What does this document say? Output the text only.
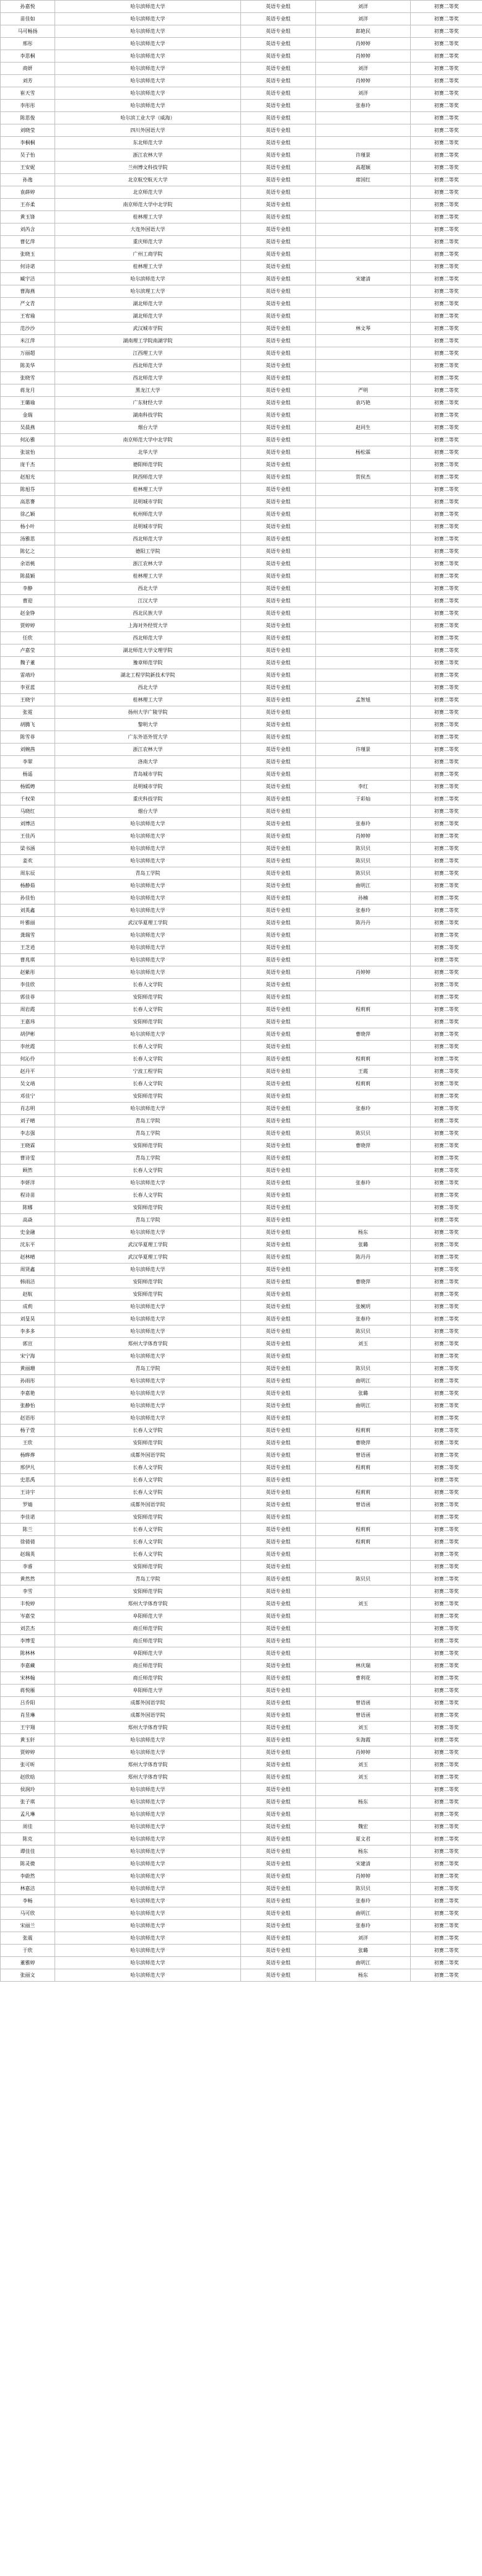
孙嘉悦	哈尔滨师范大学	英语专业组	刘洋	初赛二等奖
苗佳如	哈尔滨师范大学	英语专业组	刘洋	初赛二等奖
马可畅扬	哈尔滨师范大学	英语专业组	郎艳民	初赛二等奖
邢彤	哈尔滨师范大学	英语专业组	肖婷婷	初赛二等奖
李思桐	哈尔滨师范大学	英语专业组	肖婷婷	初赛二等奖
商妍	哈尔滨师范大学	英语专业组	刘洋	初赛二等奖
刘芳	哈尔滨师范大学	英语专业组	肖婷婷	初赛二等奖
崔天雪	哈尔滨师范大学	英语专业组	刘洋	初赛二等奖
李彤彤	哈尔滨师范大学	英语专业组	张春玲	初赛二等奖
陈思俊	哈尔滨工业大学（威海）	英语专业组		初赛二等奖
刘晓莹	四川外国语大学	英语专业组		初赛二等奖
李桐桐	东北师范大学	英语专业组		初赛二等奖
吴子怡	浙江农林大学	英语专业组	许瑾景	初赛二等奖
王安妮	兰州博文科技学院	英语专业组	高超颖	初赛二等奖
孙逸	北京航空航天大学	英语专业组	席国红	初赛二等奖
袁薛婷	北京师范大学	英语专业组		初赛二等奖
王亦柔	南京师范大学中北学院	英语专业组		初赛二等奖
黄玉锋	桂林理工大学	英语专业组		初赛二等奖
刘芮含	大连外国语大学	英语专业组		初赛二等奖
曹亿萍	重庆师范大学	英语专业组		初赛二等奖
张晓玉	广州工商学院	英语专业组		初赛二等奖
何诗诺	桂林理工大学	英语专业组		初赛二等奖
臧宇洁	哈尔滨师范大学	英语专业组	宋建清	初赛二等奖
曹海燕	哈尔滨理工大学	英语专业组		初赛二等奖
严文青	湖北师范大学	英语专业组		初赛二等奖
王宥瑜	湖北师范大学	英语专业组		初赛二等奖
范沙沙	武汉城市学院	英语专业组	林文琴	初赛二等奖
米江萍	湖南理工学院南湖学院	英语专业组		初赛二等奖
万丽超	江西理工大学	英语专业组		初赛二等奖
陈美华	西北师范大学	英语专业组		初赛二等奖
张晓雪	西北师范大学	英语专业组		初赛二等奖
蒋龙月	黑龙江大学	英语专业组	严明	初赛二等奖
王璐瑜	广东财经大学	英语专业组	袁巧艳	初赛二等奖
金瑞	湖南科技学院	英语专业组		初赛二等奖
吴晨燕	烟台大学	英语专业组	赵同生	初赛二等奖
何沁雅	南京师范大学中北学院	英语专业组		初赛二等奖
张谊怡	北华大学	英语专业组	杨松霖	初赛二等奖
庞千杰	德阳师范学院	英语专业组		初赛二等奖
赵旭光	陕西师范大学	英语专业组	贺侯杰	初赛二等奖
陈旭芬	桂林理工大学	英语专业组		初赛二等奖
高思謇	昆明城市学院	英语专业组		初赛二等奖
徐乙颖	杭州师范大学	英语专业组		初赛二等奖
杨小叶	昆明城市学院	英语专业组		初赛二等奖
汤雅思	西北师范大学	英语专业组		初赛二等奖
陈亿之	德阳工学院	英语专业组		初赛二等奖
余语桃	浙江农林大学	英语专业组		初赛二等奖
陈晨颖	桂林理工大学	英语专业组		初赛二等奖
李静	西北大学	英语专业组		初赛二等奖
曹迎	江汉大学	英语专业组		初赛二等奖
赵金铮	西北民族大学	英语专业组		初赛二等奖
贾婷婷	上海对外经贸大学	英语专业组		初赛二等奖
任欣	西北师范大学	英语专业组		初赛二等奖
卢嘉莹	湖北师范大学文理学院	英语专业组		初赛二等奖
魏子董	豫章师范学院	英语专业组		初赛二等奖
雷靖玲	湖北工程学院新技术学院	英语专业组		初赛二等奖
李亚蓝	西北大学	英语专业组		初赛二等奖
王晓宇	桂林理工大学	英语专业组	孟智旭	初赛二等奖
张霓	扬州大学广陵学院	英语专业组		初赛二等奖
胡腾飞	黎明大学	英语专业组		初赛二等奖
陈雪菲	广东外语外贸大学	英语专业组		初赛二等奖
刘婉茜	浙江农林大学	英语专业组	许瑾景	初赛二等奖
李翠	洛南大学	英语专业组		初赛二等奖
杨遥	青岛城市学院	英语专业组		初赛二等奖
杨嫣娉	昆明城市学院	英语专业组	李红	初赛二等奖
千权荣	重庆科技学院	英语专业组	于彩灿	初赛二等奖
马晓红	烟台大学	英语专业组		初赛二等奖
刘博洁	哈尔滨师范大学	英语专业组	张春玲	初赛二等奖
王佳芮	哈尔滨师范大学	英语专业组	肖婷婷	初赛二等奖
梁书涵	哈尔滨师范大学	英语专业组	陈贝贝	初赛二等奖
姜欢	哈尔滨师范大学	英语专业组	陈贝贝	初赛二等奖
周东辰	青岛工学院	英语专业组	陈贝贝	初赛二等奖
杨静茹	哈尔滨师范大学	英语专业组	曲明江	初赛二等奖
孙佳怡	哈尔滨师范大学	英语专业组	孙楠	初赛二等奖
刘英鑫	哈尔滨师范大学	英语专业组	张春玲	初赛二等奖
叶雅丽	武汉华夏理工学院	英语专业组	陈丹丹	初赛二等奖
龚瑞雪	哈尔滨师范大学	英语专业组		初赛二等奖
王芝逍	哈尔滨师范大学	英语专业组		初赛二等奖
曹兆琪	哈尔滨师范大学	英语专业组		初赛二等奖
赵紫彤	哈尔滨师范大学	英语专业组	肖婷婷	初赛二等奖
李佳欣	长春人文学院	英语专业组		初赛二等奖
郭佳菲	安阳师范学院	英语专业组		初赛二等奖
周岩霞	长春人文学院	英语专业组	程莉莉	初赛二等奖
王嘉玮	安阳师范学院	英语专业组		初赛二等奖
胡伊彬	哈尔滨师范大学	英语专业组	曹晓萍	初赛二等奖
李丝霞	长春人文学院	英语专业组		初赛二等奖
何沁伶	长春人文学院	英语专业组	程莉莉	初赛二等奖
赵丹平	宁波工程学院	英语专业组	王霞	初赛二等奖
吴文靖	长春人文学院	英语专业组	程莉莉	初赛二等奖
邓佳宁	安阳师范学院	英语专业组		初赛二等奖
肖志明	哈尔滨师范大学	英语专业组	张春玲	初赛二等奖
刘子晴	青岛工学院	英语专业组		初赛二等奖
李志强	青岛工学院	英语专业组	陈贝贝	初赛二等奖
王晓霖	安阳师范学院	英语专业组	曹晓萍	初赛二等奖
曹诗雯	青岛工学院	英语专业组		初赛二等奖
顾然	长春人文学院	英语专业组		初赛二等奖
李妍洋	哈尔滨师范大学	英语专业组	张春玲	初赛二等奖
程诗苗	长春人文学院	英语专业组		初赛二等奖
陈娜	安阳师范学院	英语专业组		初赛二等奖
高焱	青岛工学院	英语专业组		初赛二等奖
史金融	哈尔滨师范大学	英语专业组	杨东	初赛二等奖
沈东平	武汉华夏理工学院	英语专业组	张璐	初赛二等奖
赵林晴	武汉华夏理工学院	英语专业组	陈丹丹	初赛二等奖
周贤鑫	哈尔滨师范大学	英语专业组		初赛二等奖
韩雨洁	安阳师范学院	英语专业组	曹晓萍	初赛二等奖
赵航	安阳师范学院	英语专业组		初赛二等奖
成莉	哈尔滨师范大学	英语专业组	张婉玥	初赛二等奖
刘旻昊	哈尔滨师范大学	英语专业组	张春玲	初赛二等奖
李多多	哈尔滨师范大学	英语专业组	陈贝贝	初赛二等奖
郭宣	郑州大学体育学院	英语专业组	刘玉	初赛二等奖
宋宁海	哈尔滨师范大学	英语专业组		初赛二等奖
黄丽珊	青岛工学院	英语专业组	陈贝贝	初赛二等奖
孙雨彤	哈尔滨师范大学	英语专业组	曲明江	初赛二等奖
李嘉艳	哈尔滨师范大学	英语专业组	张璐	初赛二等奖
张静怡	哈尔滨师范大学	英语专业组	曲明江	初赛二等奖
赵语彤	哈尔滨师范大学	英语专业组		初赛二等奖
杨子萱	长春人文学院	英语专业组	程莉莉	初赛二等奖
王欣	安阳师范学院	英语专业组	曹晓萍	初赛二等奖
杨晔烨	成都外国语学院	英语专业组	曾语函	初赛二等奖
邢伊凡	长春人文学院	英语专业组	程莉莉	初赛二等奖
史思禹	长春人文学院	英语专业组		初赛二等奖
王诗宇	长春人文学院	英语专业组	程莉莉	初赛二等奖
罗婧	成都外国语学院	英语专业组	曾语函	初赛二等奖
李佳诺	安阳师范学院	英语专业组		初赛二等奖
陈兰	长春人文学院	英语专业组	程莉莉	初赛二等奖
徐倩倩	长春人文学院	英语专业组	程莉莉	初赛二等奖
赵瑞英	长春人文学院	英语专业组		初赛二等奖
李睿	安阳师范学院	英语专业组		初赛二等奖
黄然然	青岛工学院	英语专业组	陈贝贝	初赛二等奖
李雪	安阳师范学院	英语专业组		初赛二等奖
丰悦婷	郑州大学体育学院	英语专业组	刘玉	初赛二等奖
岑嘉莹	阜阳师范大学	英语专业组		初赛二等奖
刘芸杰	商丘师范学院	英语专业组		初赛二等奖
李博雯	商丘师范学院	英语专业组		初赛二等奖
陈林林	阜阳师范大学	英语专业组		初赛二等奖
李嘉藏	商丘师范学院	英语专业组	林庆瑞	初赛二等奖
宋林翰	商丘师范学院	英语专业组	曹利花	初赛二等奖
蒋悦雁	阜阳师范大学	英语专业组		初赛二等奖
吕乔阳	成都外国语学院	英语专业组	曾语函	初赛二等奖
肖昱琳	成都外国语学院	英语专业组	曾语函	初赛二等奖
王宇翔	郑州大学体育学院	英语专业组	刘玉	初赛二等奖
黄玉轩	哈尔滨师范大学	英语专业组	朱海霞	初赛二等奖
贾婷婷	哈尔滨师范大学	英语专业组	肖婷婷	初赛二等奖
张可昕	郑州大学体育学院	英语专业组	刘玉	初赛二等奖
赵欣晗	郑州大学体育学院	英语专业组	刘玉	初赛二等奖
侯润玲	哈尔滨师范大学	英语专业组		初赛二等奖
张子琪	哈尔滨师范大学	英语专业组	杨东	初赛二等奖
孟凡琳	哈尔滨师范大学	英语专业组		初赛二等奖
周佳	哈尔滨师范大学	英语专业组	魏宏	初赛二等奖
陈克	哈尔滨师范大学	英语专业组	夏文君	初赛二等奖
谭佳佳	哈尔滨师范大学	英语专业组	杨东	初赛二等奖
陈灵微	哈尔滨师范大学	英语专业组	宋建清	初赛二等奖
李蔚然	哈尔滨师范大学	英语专业组	肖婷婷	初赛二等奖
林嘉洁	哈尔滨师范大学	英语专业组	陈贝贝	初赛二等奖
李畅	哈尔滨师范大学	英语专业组	张春玲	初赛二等奖
马可欣	哈尔滨师范大学	英语专业组	曲明江	初赛二等奖
宋丽兰	哈尔滨师范大学	英语专业组	张春玲	初赛二等奖
张震	哈尔滨师范大学	英语专业组	刘洋	初赛二等奖
于欣	哈尔滨师范大学	英语专业组	张璐	初赛二等奖
董雅婷	哈尔滨师范大学	英语专业组	曲明江	初赛二等奖
张丽文	哈尔滨师范大学	英语专业组	杨东	初赛二等奖
